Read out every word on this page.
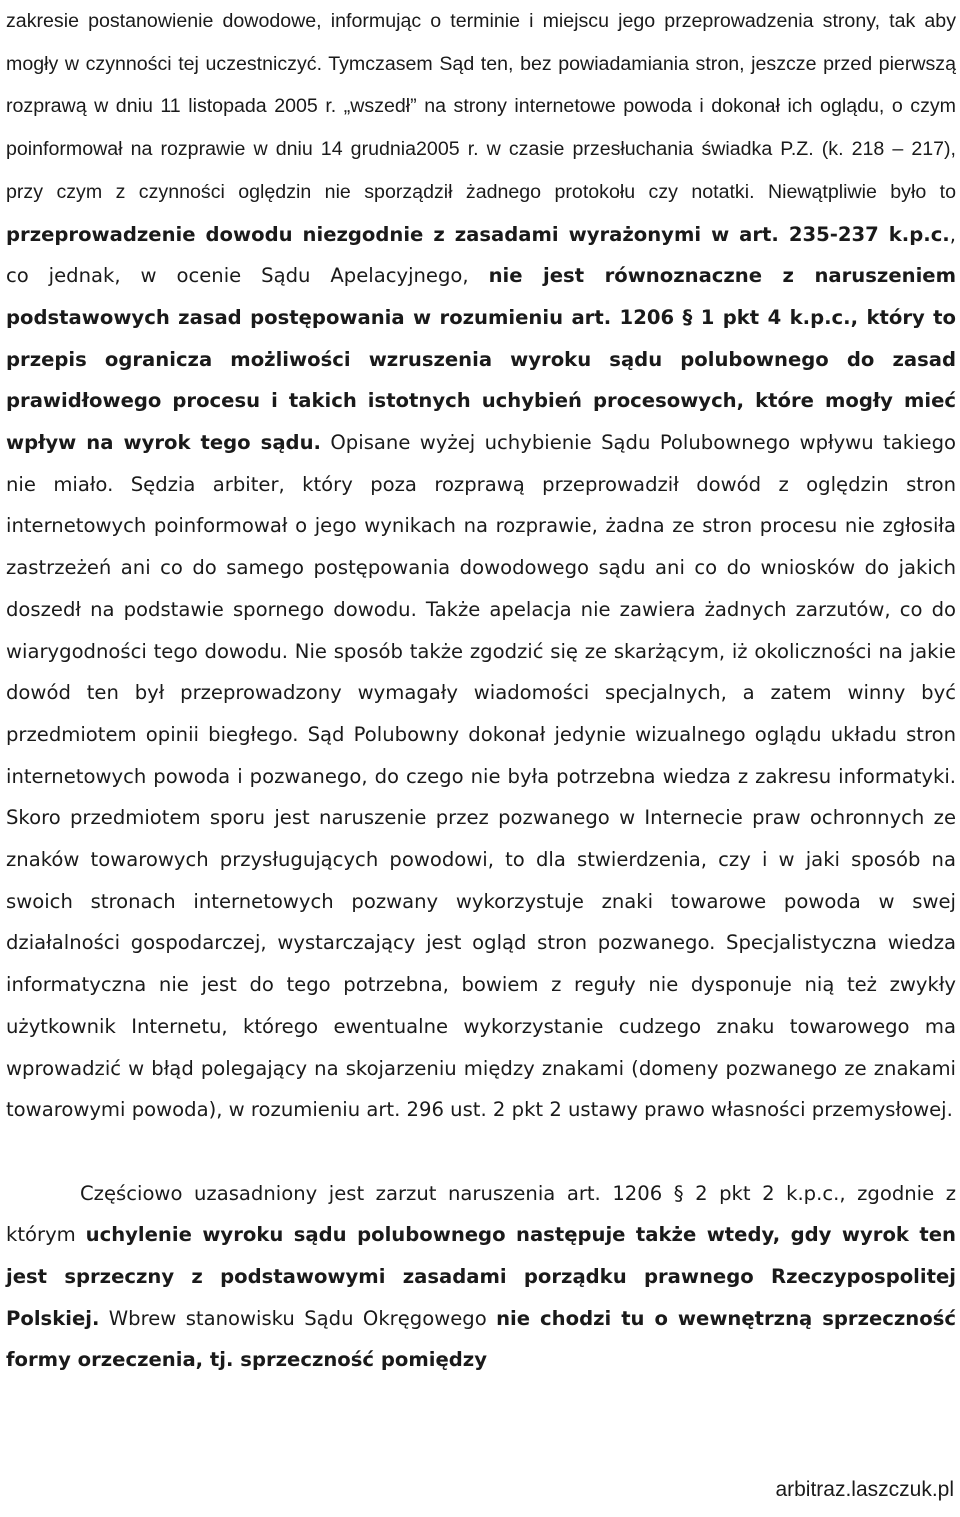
zakresie postanowienie dowodowe, informując o terminie i miejscu jego przeprowadzenia strony, tak aby mogły w czynności tej uczestniczyć. Tymczasem Sąd ten, bez powiadamiania stron, jeszcze przed pierwszą rozprawą w dniu 11 listopada 2005 r. „wszedł” na strony internetowe powoda i dokonał ich oglądu, o czym poinformował na rozprawie w dniu 14 grudnia2005 r. w czasie przesłuchania świadka P.Z. (k. 218 – 217), przy czym z czynności oględzin nie sporządził żadnego protokołu czy notatki. Niewątpliwie było to przeprowadzenie dowodu niezgodnie z zasadami wyrażonymi w art. 235-237 k.p.c., co jednak, w ocenie Sądu Apelacyjnego, nie jest równoznaczne z naruszeniem podstawowych zasad postępowania w rozumieniu art. 1206 § 1 pkt 4 k.p.c., który to przepis ogranicza możliwości wzruszenia wyroku sądu polubownego do zasad prawidłowego procesu i takich istotnych uchybień procesowych, które mogły mieć wpływ na wyrok tego sądu. Opisane wyżej uchybienie Sądu Polubownego wpływu takiego nie miało. Sędzia arbiter, który poza rozprawą przeprowadził dowód z oględzin stron internetowych poinformował o jego wynikach na rozprawie, żadna ze stron procesu nie zgłosiła zastrzeżeń ani co do samego postępowania dowodowego sądu ani co do wniosków do jakich doszedł na podstawie spornego dowodu. Także apelacja nie zawiera żadnych zarzutów, co do wiarygodności tego dowodu. Nie sposób także zgodzić się ze skarżącym, iż okoliczności na jakie dowód ten był przeprowadzony wymagały wiadomości specjalnych, a zatem winny być przedmiotem opinii biegłego. Sąd Polubowny dokonał jedynie wizualnego oglądu układu stron internetowych powoda i pozwanego, do czego nie była potrzebna wiedza z zakresu informatyki. Skoro przedmiotem sporu jest naruszenie przez pozwanego w Internecie praw ochronnych ze znaków towarowych przysługujących powodowi, to dla stwierdzenia, czy i w jaki sposób na swoich stronach internetowych pozwany wykorzystuje znaki towarowe powoda w swej działalności gospodarczej, wystarczający jest ogląd stron pozwanego. Specjalistyczna wiedza informatyczna nie jest do tego potrzebna, bowiem z reguły nie dysponuje nią też zwykły użytkownik Internetu, którego ewentualne wykorzystanie cudzego znaku towarowego ma wprowadzić w błąd polegający na skojarzeniu między znakami (domeny pozwanego ze znakami towarowymi powoda), w rozumieniu art. 296 ust. 2 pkt 2 ustawy prawo własności przemysłowej.

Częściowo uzasadniony jest zarzut naruszenia art. 1206 § 2 pkt 2 k.p.c., zgodnie z którym uchylenie wyroku sądu polubownego następuje także wtedy, gdy wyrok ten jest sprzeczny z podstawowymi zasadami porządku prawnego Rzeczypospolitej Polskiej. Wbrew stanowisku Sądu Okręgowego nie chodzi tu o wewnętrzną sprzeczność formy orzeczenia, tj. sprzeczność pomiędzy

arbitraz.laszczuk.pl
